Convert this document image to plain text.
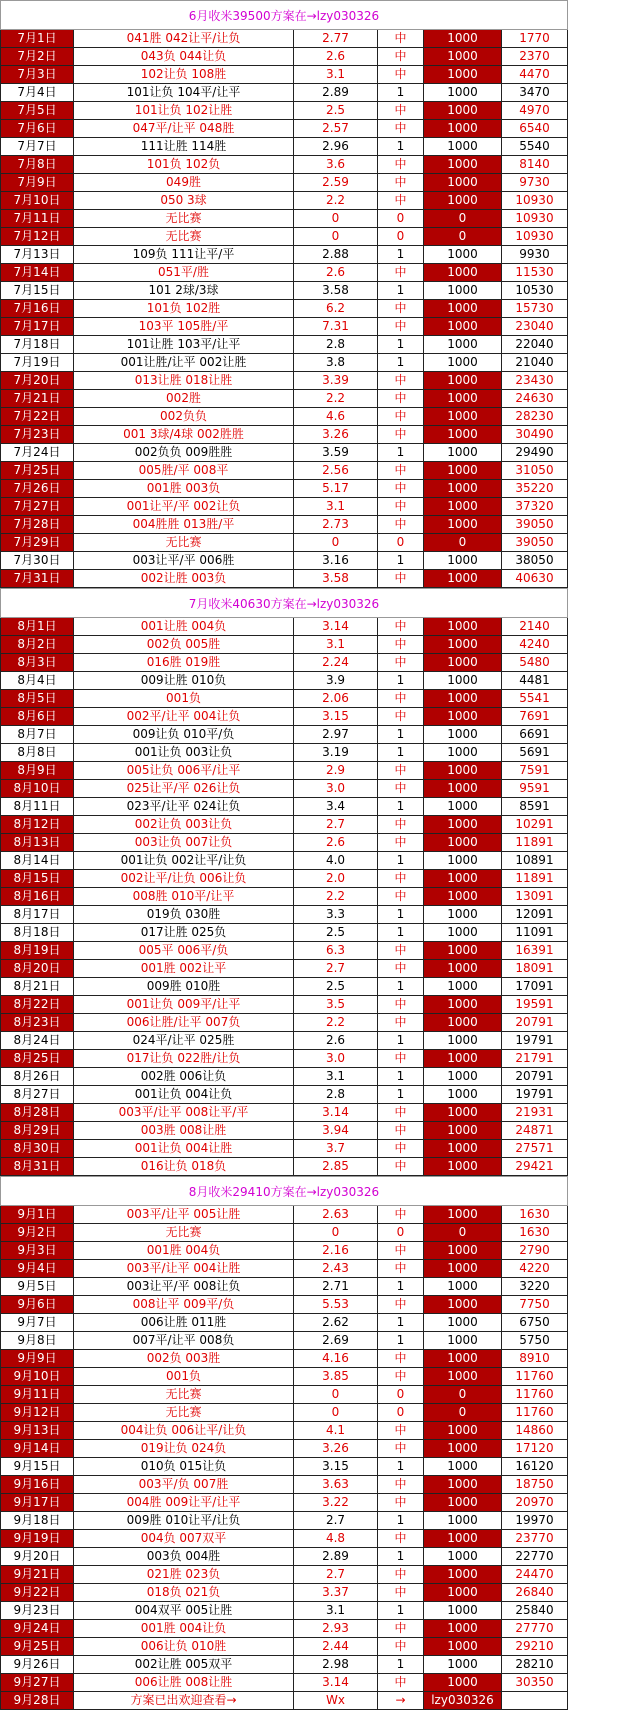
6月收米39500方案在→lzy030326
7月1日	041胜 042让平/让负	2.77	中	1000	1770
7月2日	043负 044让负	2.6	中	1000	2370
7月3日	102让负 108胜	3.1	中	1000	4470
7月4日	101让负 104平/让平	2.89	1	1000	3470
7月5日	101让负 102让胜	2.5	中	1000	4970
7月6日	047平/让平 048胜	2.57	中	1000	6540
7月7日	111让胜 114胜	2.96	1	1000	5540
7月8日	101负 102负	3.6	中	1000	8140
7月9日	049胜	2.59	中	1000	9730
7月10日	050 3球	2.2	中	1000	10930
7月11日	无比赛	0	0	0	10930
7月12日	无比赛	0	0	0	10930
7月13日	109负 111让平/平	2.88	1	1000	9930
7月14日	051平/胜	2.6	中	1000	11530
7月15日	101 2球/3球	3.58	1	1000	10530
7月16日	101负 102胜	6.2	中	1000	15730
7月17日	103平 105胜/平	7.31	中	1000	23040
7月18日	101让胜 103平/让平	2.8	1	1000	22040
7月19日	001让胜/让平 002让胜	3.8	1	1000	21040
7月20日	013让胜 018让胜	3.39	中	1000	23430
7月21日	002胜	2.2	中	1000	24630
7月22日	002负负	4.6	中	1000	28230
7月23日	001 3球/4球 002胜胜	3.26	中	1000	30490
7月24日	002负负 009胜胜	3.59	1	1000	29490
7月25日	005胜/平 008平	2.56	中	1000	31050
7月26日	001胜 003负	5.17	中	1000	35220
7月27日	001让平/平 002让负	3.1	中	1000	37320
7月28日	004胜胜 013胜/平	2.73	中	1000	39050
7月29日	无比赛	0	0	0	39050
7月30日	003让平/平 006胜	3.16	1	1000	38050
7月31日	002让胜 003负	3.58	中	1000	40630
7月收米40630方案在→lzy030326
8月1日	001让胜 004负	3.14	中	1000	2140
8月2日	002负 005胜	3.1	中	1000	4240
8月3日	016胜 019胜	2.24	中	1000	5480
8月4日	009让胜 010负	3.9	1	1000	4481
8月5日	001负	2.06	中	1000	5541
8月6日	002平/让平 004让负	3.15	中	1000	7691
8月7日	009让负 010平/负	2.97	1	1000	6691
8月8日	001让负 003让负	3.19	1	1000	5691
8月9日	005让负 006平/让平	2.9	中	1000	7591
8月10日	025让平/平 026让负	3.0	中	1000	9591
8月11日	023平/让平 024让负	3.4	1	1000	8591
8月12日	002让负 003让负	2.7	中	1000	10291
8月13日	003让负 007让负	2.6	中	1000	11891
8月14日	001让负 002让平/让负	4.0	1	1000	10891
8月15日	002让平/让负 006让负	2.0	中	1000	11891
8月16日	008胜 010平/让平	2.2	中	1000	13091
8月17日	019负 030胜	3.3	1	1000	12091
8月18日	017让胜 025负	2.5	1	1000	11091
8月19日	005平 006平/负	6.3	中	1000	16391
8月20日	001胜 002让平	2.7	中	1000	18091
8月21日	009胜 010胜	2.5	1	1000	17091
8月22日	001让负 009平/让平	3.5	中	1000	19591
8月23日	006让胜/让平 007负	2.2	中	1000	20791
8月24日	024平/让平 025胜	2.6	1	1000	19791
8月25日	017让负 022胜/让负	3.0	中	1000	21791
8月26日	002胜 006让负	3.1	1	1000	20791
8月27日	001让负 004让负	2.8	1	1000	19791
8月28日	003平/让平 008让平/平	3.14	中	1000	21931
8月29日	003胜 008让胜	3.94	中	1000	24871
8月30日	001让负 004让胜	3.7	中	1000	27571
8月31日	016让负 018负	2.85	中	1000	29421
8月收米29410方案在→lzy030326
9月1日	003平/让平 005让胜	2.63	中	1000	1630
9月2日	无比赛	0	0	0	1630
9月3日	001胜 004负	2.16	中	1000	2790
9月4日	003平/让平 004让胜	2.43	中	1000	4220
9月5日	003让平/平 008让负	2.71	1	1000	3220
9月6日	008让平 009平/负	5.53	中	1000	7750
9月7日	006让胜 011胜	2.62	1	1000	6750
9月8日	007平/让平 008负	2.69	1	1000	5750
9月9日	002负 003胜	4.16	中	1000	8910
9月10日	001负	3.85	中	1000	11760
9月11日	无比赛	0	0	0	11760
9月12日	无比赛	0	0	0	11760
9月13日	004让负 006让平/让负	4.1	中	1000	14860
9月14日	019让负 024负	3.26	中	1000	17120
9月15日	010负 015让负	3.15	1	1000	16120
9月16日	003平/负 007胜	3.63	中	1000	18750
9月17日	004胜 009让平/让平	3.22	中	1000	20970
9月18日	009胜 010让平/让负	2.7	1	1000	19970
9月19日	004负 007双平	4.8	中	1000	23770
9月20日	003负 004胜	2.89	1	1000	22770
9月21日	021胜 023负	2.7	中	1000	24470
9月22日	018负 021负	3.37	中	1000	26840
9月23日	004双平 005让胜	3.1	1	1000	25840
9月24日	001胜 004让负	2.93	中	1000	27770
9月25日	006让负 010胜	2.44	中	1000	29210
9月26日	002让胜 005双平	2.98	1	1000	28210
9月27日	006让胜 008让胜	3.14	中	1000	30350
9月28日	方案已出欢迎查看→	Wx	→	lzy030326
